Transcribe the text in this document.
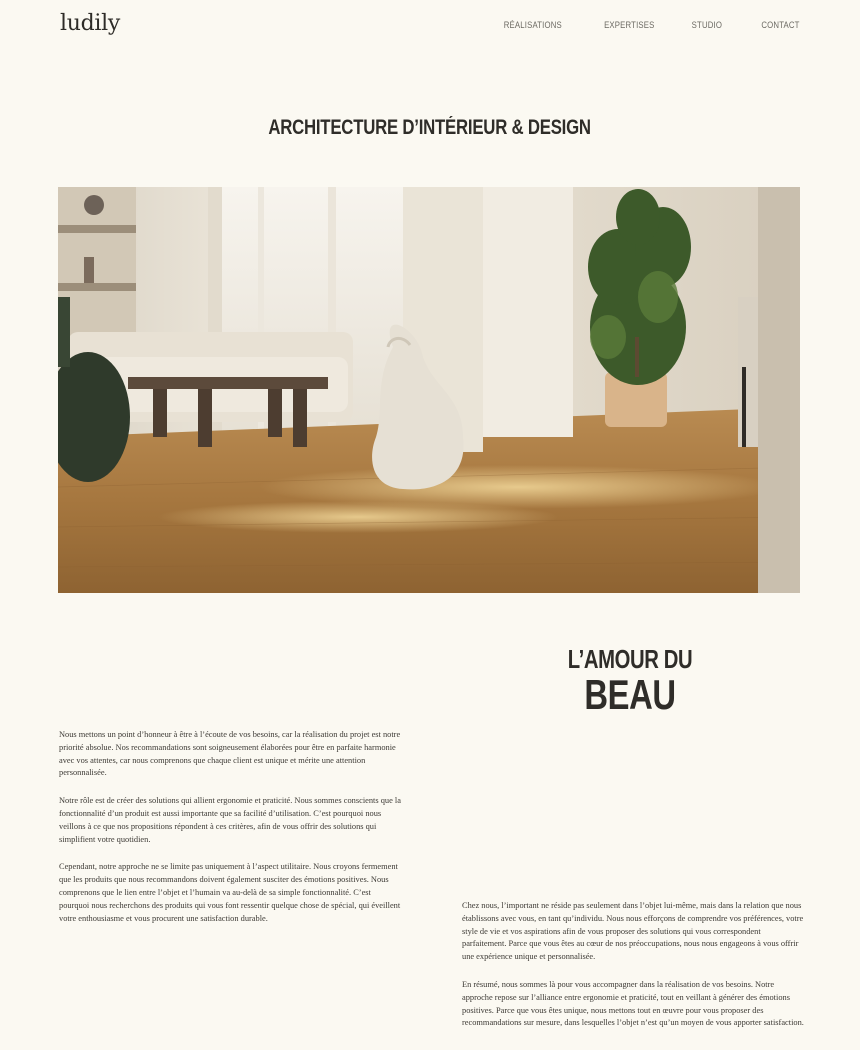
ludily	RÉALISATIONS	EXPERTISES	STUDIO	CONTACT
ARCHITECTURE D’INTÉRIEUR & DESIGN
L’AMOUR DU
BEAU

Nous mettons un point d’honneur à être à l’écoute de vos besoins, car la réalisation du projet est notre priorité absolue. Nos recommandations sont soigneusement élaborées pour être en parfaite harmonie avec vos attentes, car nous comprenons que chaque client est unique et mérite une attention personnalisée.

Notre rôle est de créer des solutions qui allient ergonomie et praticité. Nous sommes conscients que la fonctionnalité d’un produit est aussi importante que sa facilité d’utilisation. C’est pourquoi nous veillons à ce que nos propositions répondent à ces critères, afin de vous offrir des solutions qui simplifient votre quotidien.

Cependant, notre approche ne se limite pas uniquement à l’aspect utilitaire. Nous croyons fermement que les produits que nous recommandons doivent également susciter des émotions positives. Nous comprenons que le lien entre l’objet et l’humain va au-delà de sa simple fonctionnalité. C’est pourquoi nous recherchons des produits qui vous font ressentir quelque chose de spécial, qui éveillent votre enthousiasme et vous procurent une satisfaction durable.

Chez nous, l’important ne réside pas seulement dans l’objet lui-même, mais dans la relation que nous établissons avec vous, en tant qu’individu. Nous nous efforçons de comprendre vos préférences, votre style de vie et vos aspirations afin de vous proposer des solutions qui vous correspondent parfaitement. Parce que vous êtes au cœur de nos préoccupations, nous nous engageons à vous offrir une expérience unique et personnalisée.

En résumé, nous sommes là pour vous accompagner dans la réalisation de vos besoins. Notre approche repose sur l’alliance entre ergonomie et praticité, tout en veillant à générer des émotions positives. Parce que vous êtes unique, nous mettons tout en œuvre pour vous proposer des recommandations sur mesure, dans lesquelles l’objet n’est qu’un moyen de vous apporter satisfaction.
